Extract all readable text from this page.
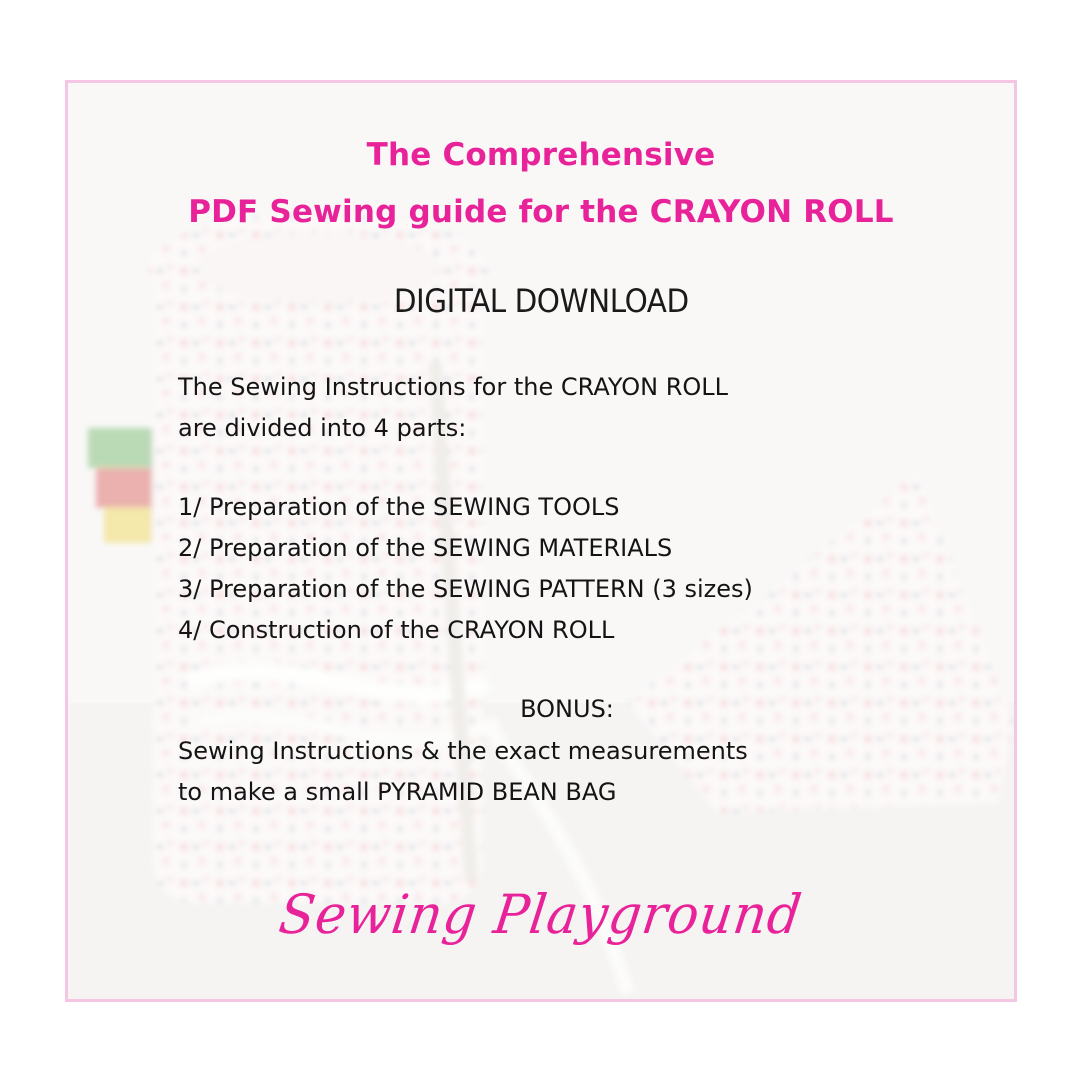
The Comprehensive
PDF Sewing guide for the CRAYON ROLL
DIGITAL DOWNLOAD
The Sewing Instructions for the CRAYON ROLL
are divided into 4 parts:
1/ Preparation of the SEWING TOOLS
2/ Preparation of the SEWING MATERIALS
3/ Preparation of the SEWING PATTERN (3 sizes)
4/ Construction of the CRAYON ROLL
BONUS:
Sewing Instructions & the exact measurements
to make a small PYRAMID BEAN BAG
Sewing Playground
